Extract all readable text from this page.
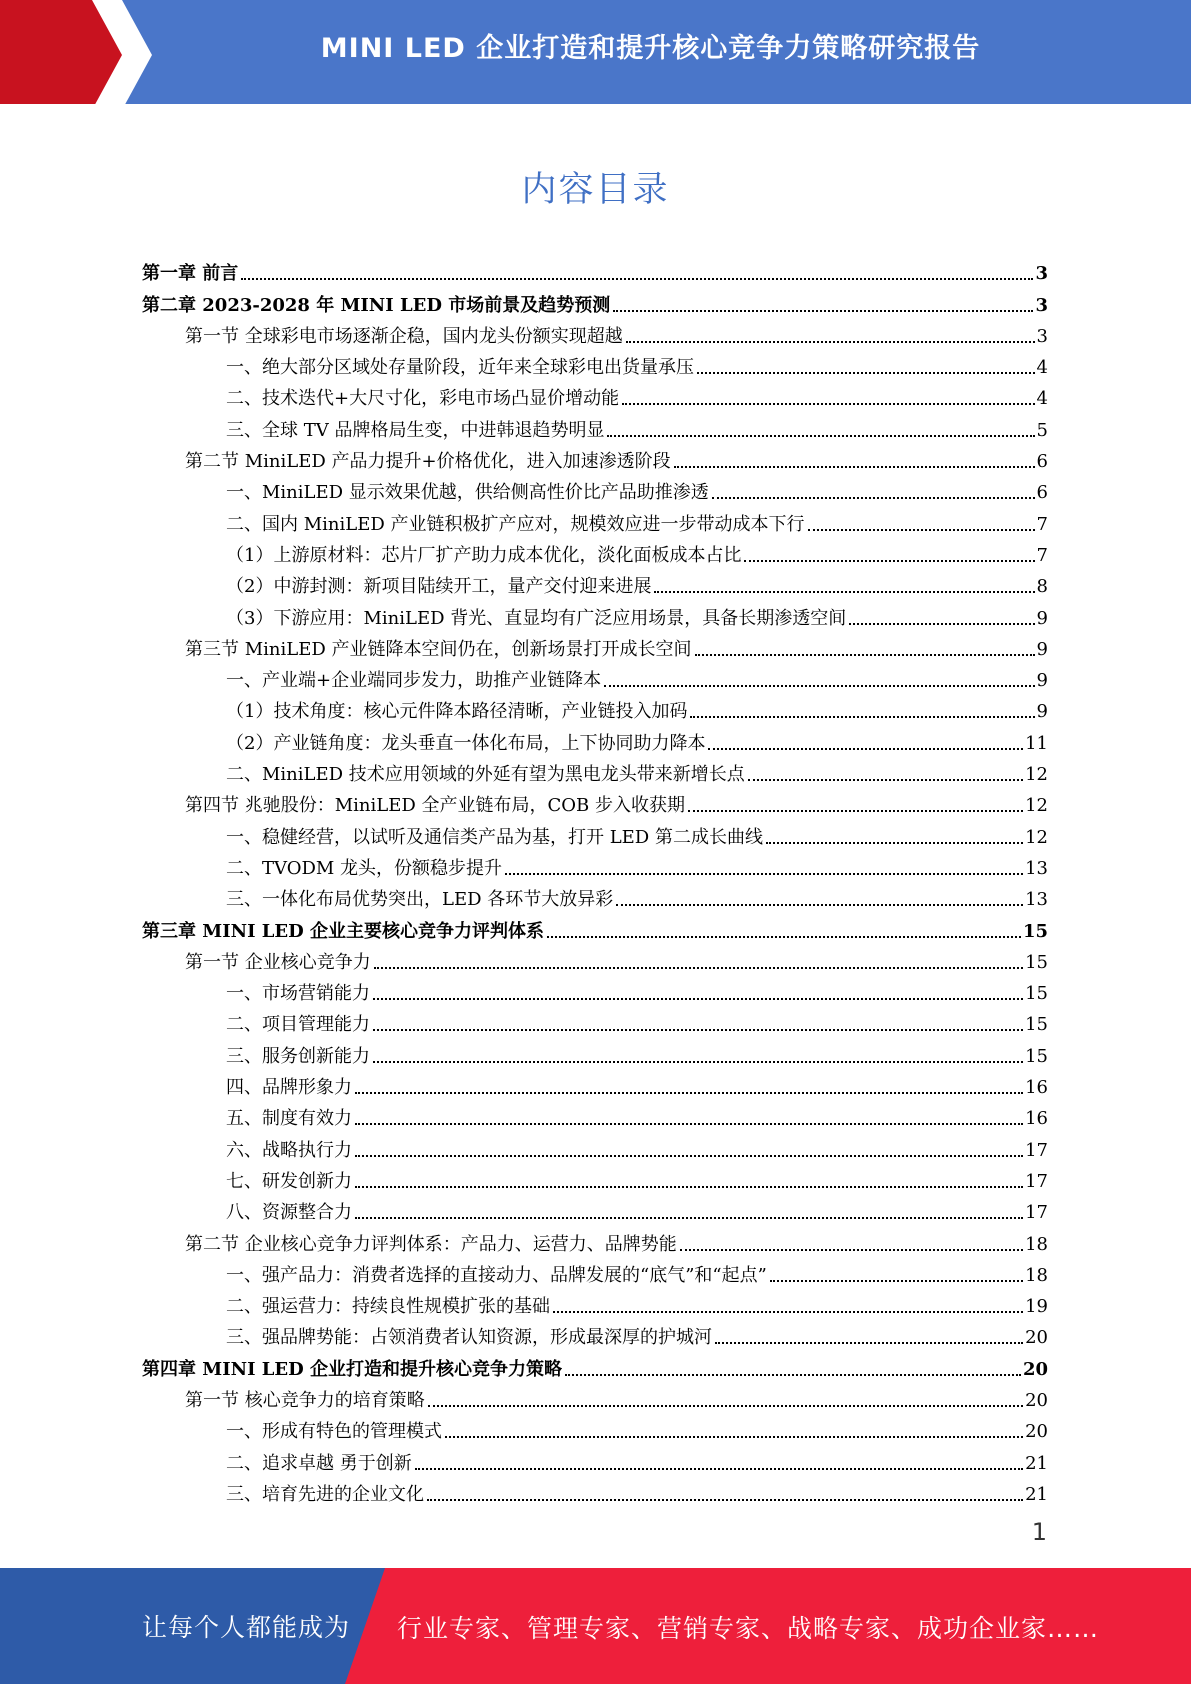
MINI LED 企业打造和提升核心竞争力策略研究报告
内容目录
第一章 前言	3
第二章 2023-2028 年 MINI LED 市场前景及趋势预测	3
第一节 全球彩电市场逐渐企稳，国内龙头份额实现超越	3
一、绝大部分区域处存量阶段，近年来全球彩电出货量承压	4
二、技术迭代+大尺寸化，彩电市场凸显价增动能	4
三、全球 TV 品牌格局生变，中进韩退趋势明显	5
第二节 MiniLED 产品力提升+价格优化，进入加速渗透阶段	6
一、MiniLED 显示效果优越，供给侧高性价比产品助推渗透	6
二、国内 MiniLED 产业链积极扩产应对，规模效应进一步带动成本下行	7
（1）上游原材料：芯片厂扩产助力成本优化，淡化面板成本占比	7
（2）中游封测：新项目陆续开工，量产交付迎来进展	8
（3）下游应用：MiniLED 背光、直显均有广泛应用场景，具备长期渗透空间	9
第三节 MiniLED 产业链降本空间仍在，创新场景打开成长空间	9
一、产业端+企业端同步发力，助推产业链降本	9
（1）技术角度：核心元件降本路径清晰，产业链投入加码	9
（2）产业链角度：龙头垂直一体化布局，上下协同助力降本	11
二、MiniLED 技术应用领域的外延有望为黑电龙头带来新增长点	12
第四节 兆驰股份：MiniLED 全产业链布局，COB 步入收获期	12
一、稳健经营，以试听及通信类产品为基，打开 LED 第二成长曲线	12
二、TVODM 龙头，份额稳步提升	13
三、一体化布局优势突出，LED 各环节大放异彩	13
第三章 MINI LED 企业主要核心竞争力评判体系	15
第一节 企业核心竞争力	15
一、市场营销能力	15
二、项目管理能力	15
三、服务创新能力	15
四、品牌形象力	16
五、制度有效力	16
六、战略执行力	17
七、研发创新力	17
八、资源整合力	17
第二节 企业核心竞争力评判体系：产品力、运营力、品牌势能	18
一、强产品力：消费者选择的直接动力、品牌发展的“底气”和“起点”	18
二、强运营力：持续良性规模扩张的基础	19
三、强品牌势能：占领消费者认知资源，形成最深厚的护城河	20
第四章 MINI LED 企业打造和提升核心竞争力策略	20
第一节 核心竞争力的培育策略	20
一、形成有特色的管理模式	20
二、追求卓越 勇于创新	21
三、培育先进的企业文化	21
1
让每个人都能成为 行业专家、管理专家、营销专家、战略专家、成功企业家……
